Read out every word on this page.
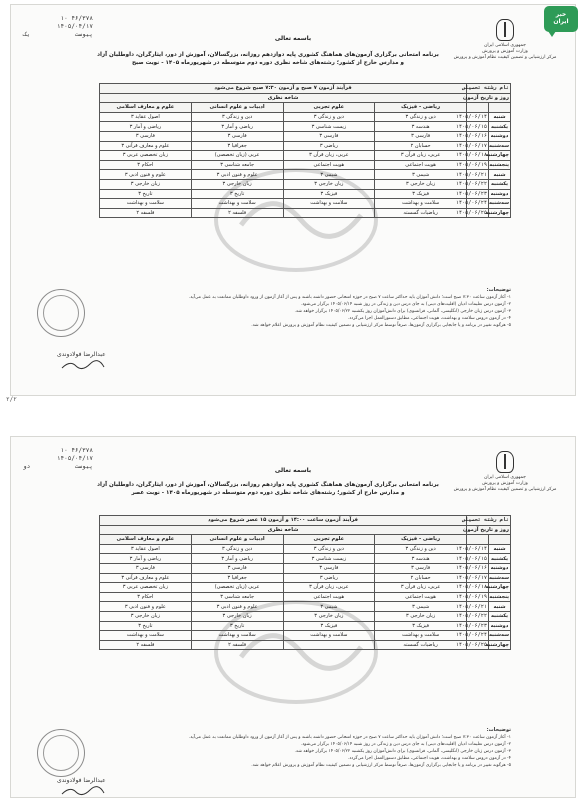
خبر
ایران
جمهوری اسلامی ایران
وزارت آموزش و پرورش
مرکز ارزشیابی و تضمین کیفیت نظام آموزش و پرورش
۴۶/۳۷۸ ۱۰
۱۴۰۵/۰۴/۱۷
پیوست
یک
باسمه تعالی
برنامه امتحانی برگزاری آزمون‌های هماهنگ کشوری پایه دوازدهم روزانه، بزرگسالان، آموزش از دور، ایثارگران، داوطلبان آزاد
و مدارس خارج از کشور؛ رشته‌های شاخه نظری دوره دوم متوسطه در شهریورماه ۱۴۰۵ - نوبت صبح
نام رشته تحصیلی		فرآیند آزمون ۷ صبح و آزمون ۷:۳۰ صبح شروع می‌شود			
روز و تاریخ آزمون		شاخه نظری			
		ریاضی - فیزیک	علوم تجربی	ادبیات و علوم انسانی	علوم و معارف اسلامی
شنبه	۱۴۰۵/۰۶/۱۴	دین و زندگی ۳	دین و زندگی ۳	دین و زندگی ۳	اصول عقاید ۳
یکشنبه	۱۴۰۵/۰۶/۱۵	هندسه ۳	زیست شناسی ۳	ریاضی و آمار ۳	ریاضی و آمار ۳
دوشنبه	۱۴۰۵/۰۶/۱۶	فارسی ۳	فارسی ۳	فارسی ۳	فارسی ۳
سه‌شنبه	۱۴۰۵/۰۶/۱۷	حسابان ۲	ریاضی ۳	جغرافیا ۳	علوم و معارف قرآنی ۳
چهارشنبه	۱۴۰۵/۰۶/۱۸	عربی، زبان قرآن ۳	عربی، زبان قرآن ۳	عربی (زبان تخصصی)	زبان تخصصی عربی ۳
پنجشنبه	۱۴۰۵/۰۶/۱۹	هویت اجتماعی	هویت اجتماعی	جامعه شناسی ۳	احکام ۳
شنبه	۱۴۰۵/۰۶/۲۱	شیمی ۳	شیمی ۳	علوم و فنون ادبی ۳	علوم و فنون ادبی ۳
یکشنبه	۱۴۰۵/۰۶/۲۲	زبان خارجی ۳	زبان خارجی ۳	زبان خارجی ۳	زبان خارجی ۳
دوشنبه	۱۴۰۵/۰۶/۲۳	فیزیک ۳	فیزیک ۳	تاریخ ۳	تاریخ ۳
سه‌شنبه	۱۴۰۵/۰۶/۲۴	سلامت و بهداشت	سلامت و بهداشت	سلامت و بهداشت	سلامت و بهداشت
چهارشنبه	۱۴۰۵/۰۶/۲۵	ریاضیات گسسته		فلسفه ۲	فلسفه ۲
توضیحات:
۱- آغاز آزمون ساعت ۷:۳۰ صبح است؛ دانش آموزان باید حداکثر ساعت ۷ صبح در حوزه امتحانی حضور داشته باشند و پس از آغاز آزمون از ورود داوطلبان ممانعت به عمل می‌آید.
۲- آزمون درس تعلیمات ادیان (اقلیت‌های دینی) به جای درس دین و زندگی در روز شنبه ۱۴۰۵/۰۶/۱۴ برگزار می‌شود.
۳- آزمون درس زبان خارجی (انگلیسی، آلمانی، فرانسوی) برای دانش‌آموزان روز یکشنبه ۱۴۰۵/۰۶/۲۲ برگزار خواهد شد.
۴- در آزمون دروس سلامت و بهداشت، هویت اجتماعی، مطابق دستورالعمل اجرا می‌گردد.
۵- هرگونه تغییر در برنامه و یا جابجایی برگزاری آزمون‌ها، صرفاً توسط مرکز ارزشیابی و تضمین کیفیت نظام آموزش و پرورش اعلام خواهد شد.
عبدالرضا فولادوندی
۲/۲
جمهوری اسلامی ایران
وزارت آموزش و پرورش
مرکز ارزشیابی و تضمین کیفیت نظام آموزش و پرورش
۴۶/۳۷۸ ۱۰
۱۴۰۵/۰۴/۱۷
پیوست
دو
باسمه تعالی
برنامه امتحانی برگزاری آزمون‌های هماهنگ کشوری پایه دوازدهم روزانه، بزرگسالان، آموزش از دور، ایثارگران، داوطلبان آزاد
و مدارس خارج از کشور؛ رشته‌های شاخه نظری دوره دوم متوسطه در شهریورماه ۱۴۰۵ - نوبت عصر
نام رشته تحصیلی		فرآیند آزمون ساعت ۱۴:۰۰ و آزمون ۱۵ عصر شروع می‌شود			
روز و تاریخ آزمون		شاخه نظری			
		ریاضی - فیزیک	علوم تجربی	ادبیات و علوم انسانی	علوم و معارف اسلامی
شنبه	۱۴۰۵/۰۶/۱۴	دین و زندگی ۳	دین و زندگی ۳	دین و زندگی ۳	اصول عقاید ۳
یکشنبه	۱۴۰۵/۰۶/۱۵	هندسه ۳	زیست شناسی ۳	ریاضی و آمار ۳	ریاضی و آمار ۳
دوشنبه	۱۴۰۵/۰۶/۱۶	فارسی ۳	فارسی ۳	فارسی ۳	فارسی ۳
سه‌شنبه	۱۴۰۵/۰۶/۱۷	حسابان ۲	ریاضی ۳	جغرافیا ۳	علوم و معارف قرآنی ۳
چهارشنبه	۱۴۰۵/۰۶/۱۸	عربی، زبان قرآن ۳	عربی، زبان قرآن ۳	عربی (زبان تخصصی)	زبان تخصصی عربی ۳
پنجشنبه	۱۴۰۵/۰۶/۱۹	هویت اجتماعی	هویت اجتماعی	جامعه شناسی ۳	احکام ۳
شنبه	۱۴۰۵/۰۶/۲۱	شیمی ۳	شیمی ۳	علوم و فنون ادبی ۳	علوم و فنون ادبی ۳
یکشنبه	۱۴۰۵/۰۶/۲۲	زبان خارجی ۳	زبان خارجی ۳	زبان خارجی ۳	زبان خارجی ۳
دوشنبه	۱۴۰۵/۰۶/۲۳	فیزیک ۳	فیزیک ۳	تاریخ ۳	تاریخ ۳
سه‌شنبه	۱۴۰۵/۰۶/۲۴	سلامت و بهداشت	سلامت و بهداشت	سلامت و بهداشت	سلامت و بهداشت
چهارشنبه	۱۴۰۵/۰۶/۲۵	ریاضیات گسسته		فلسفه ۲	فلسفه ۲
توضیحات:
۱- آغاز آزمون ساعت ۷:۳۰ صبح است؛ دانش آموزان باید حداکثر ساعت ۷ صبح در حوزه امتحانی حضور داشته باشند و پس از آغاز آزمون از ورود داوطلبان ممانعت به عمل می‌آید.
۲- آزمون درس تعلیمات ادیان (اقلیت‌های دینی) به جای درس دین و زندگی در روز شنبه ۱۴۰۵/۰۶/۱۴ برگزار می‌شود.
۳- آزمون درس زبان خارجی (انگلیسی، آلمانی، فرانسوی) برای دانش‌آموزان روز یکشنبه ۱۴۰۵/۰۶/۲۲ برگزار خواهد شد.
۴- در آزمون دروس سلامت و بهداشت، هویت اجتماعی، مطابق دستورالعمل اجرا می‌گردد.
۵- هرگونه تغییر در برنامه و یا جابجایی برگزاری آزمون‌ها، صرفاً توسط مرکز ارزشیابی و تضمین کیفیت نظام آموزش و پرورش اعلام خواهد شد.
عبدالرضا فولادوندی
